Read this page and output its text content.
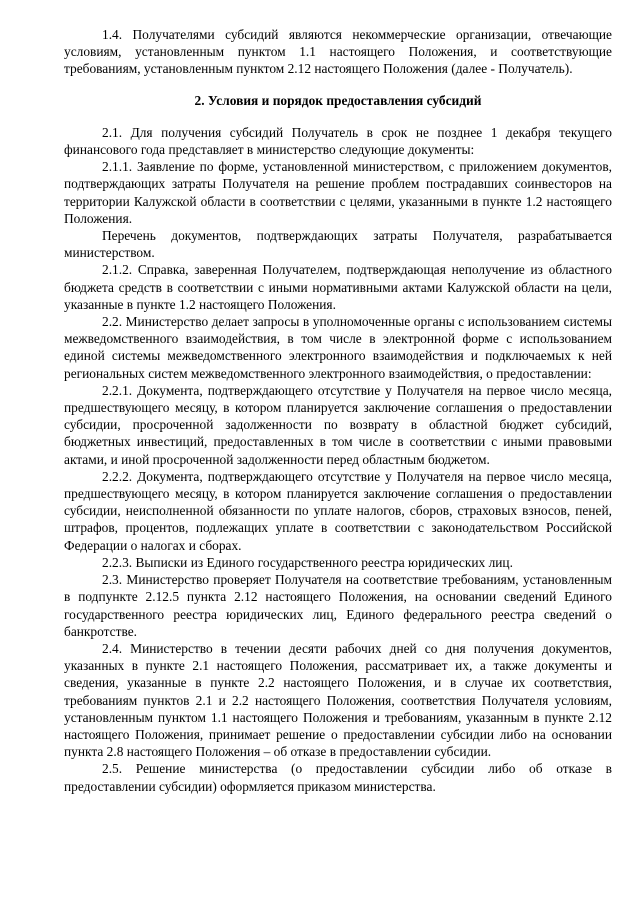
1.4. Получателями субсидий являются некоммерческие организации, отвечающие условиям, установленным пунктом 1.1 настоящего Положения, и соответствующие требованиям, установленным пунктом 2.12 настоящего Положения (далее - Получатель).

2. Условия и порядок предоставления субсидий

2.1. Для получения субсидий Получатель в срок не позднее 1 декабря текущего финансового года представляет в министерство следующие документы:

2.1.1. Заявление по форме, установленной министерством, с приложением документов, подтверждающих затраты Получателя на решение проблем пострадавших соинвесторов на территории Калужской области в соответствии с целями, указанными в пункте 1.2 настоящего Положения.

Перечень документов, подтверждающих затраты Получателя, разрабатывается министерством.

2.1.2. Справка, заверенная Получателем, подтверждающая неполучение из областного бюджета средств в соответствии с иными нормативными актами Калужской области на цели, указанные в пункте 1.2 настоящего Положения.

2.2. Министерство делает запросы в уполномоченные органы с использованием системы межведомственного взаимодействия, в том числе в электронной форме с использованием единой системы межведомственного электронного взаимодействия и подключаемых к ней региональных систем межведомственного электронного взаимодействия, о предоставлении:

2.2.1. Документа, подтверждающего отсутствие у Получателя на первое число месяца, предшествующего месяцу, в котором планируется заключение соглашения о предоставлении субсидии, просроченной задолженности по возврату в областной бюджет субсидий, бюджетных инвестиций, предоставленных в том числе в соответствии с иными правовыми актами, и иной просроченной задолженности перед областным бюджетом.

2.2.2. Документа, подтверждающего отсутствие у Получателя на первое число месяца, предшествующего месяцу, в котором планируется заключение соглашения о предоставлении субсидии, неисполненной обязанности по уплате налогов, сборов, страховых взносов, пеней, штрафов, процентов, подлежащих уплате в соответствии с законодательством Российской Федерации о налогах и сборах.

2.2.3. Выписки из Единого государственного реестра юридических лиц.

2.3. Министерство проверяет Получателя на соответствие требованиям, установленным в подпункте 2.12.5 пункта 2.12 настоящего Положения, на основании сведений Единого государственного реестра юридических лиц, Единого федерального реестра сведений о банкротстве.

2.4. Министерство в течении десяти рабочих дней со дня получения документов, указанных в пункте 2.1 настоящего Положения, рассматривает их, а также документы и сведения, указанные в пункте 2.2 настоящего Положения, и в случае их соответствия, требованиям пунктов 2.1 и 2.2 настоящего Положения, соответствия Получателя условиям, установленным пунктом 1.1 настоящего Положения и требованиям, указанным в пункте 2.12 настоящего Положения, принимает решение о предоставлении субсидии либо на основании пункта 2.8 настоящего Положения – об отказе в предоставлении субсидии.

2.5. Решение министерства (о предоставлении субсидии либо об отказе в предоставлении субсидии) оформляется приказом министерства.
